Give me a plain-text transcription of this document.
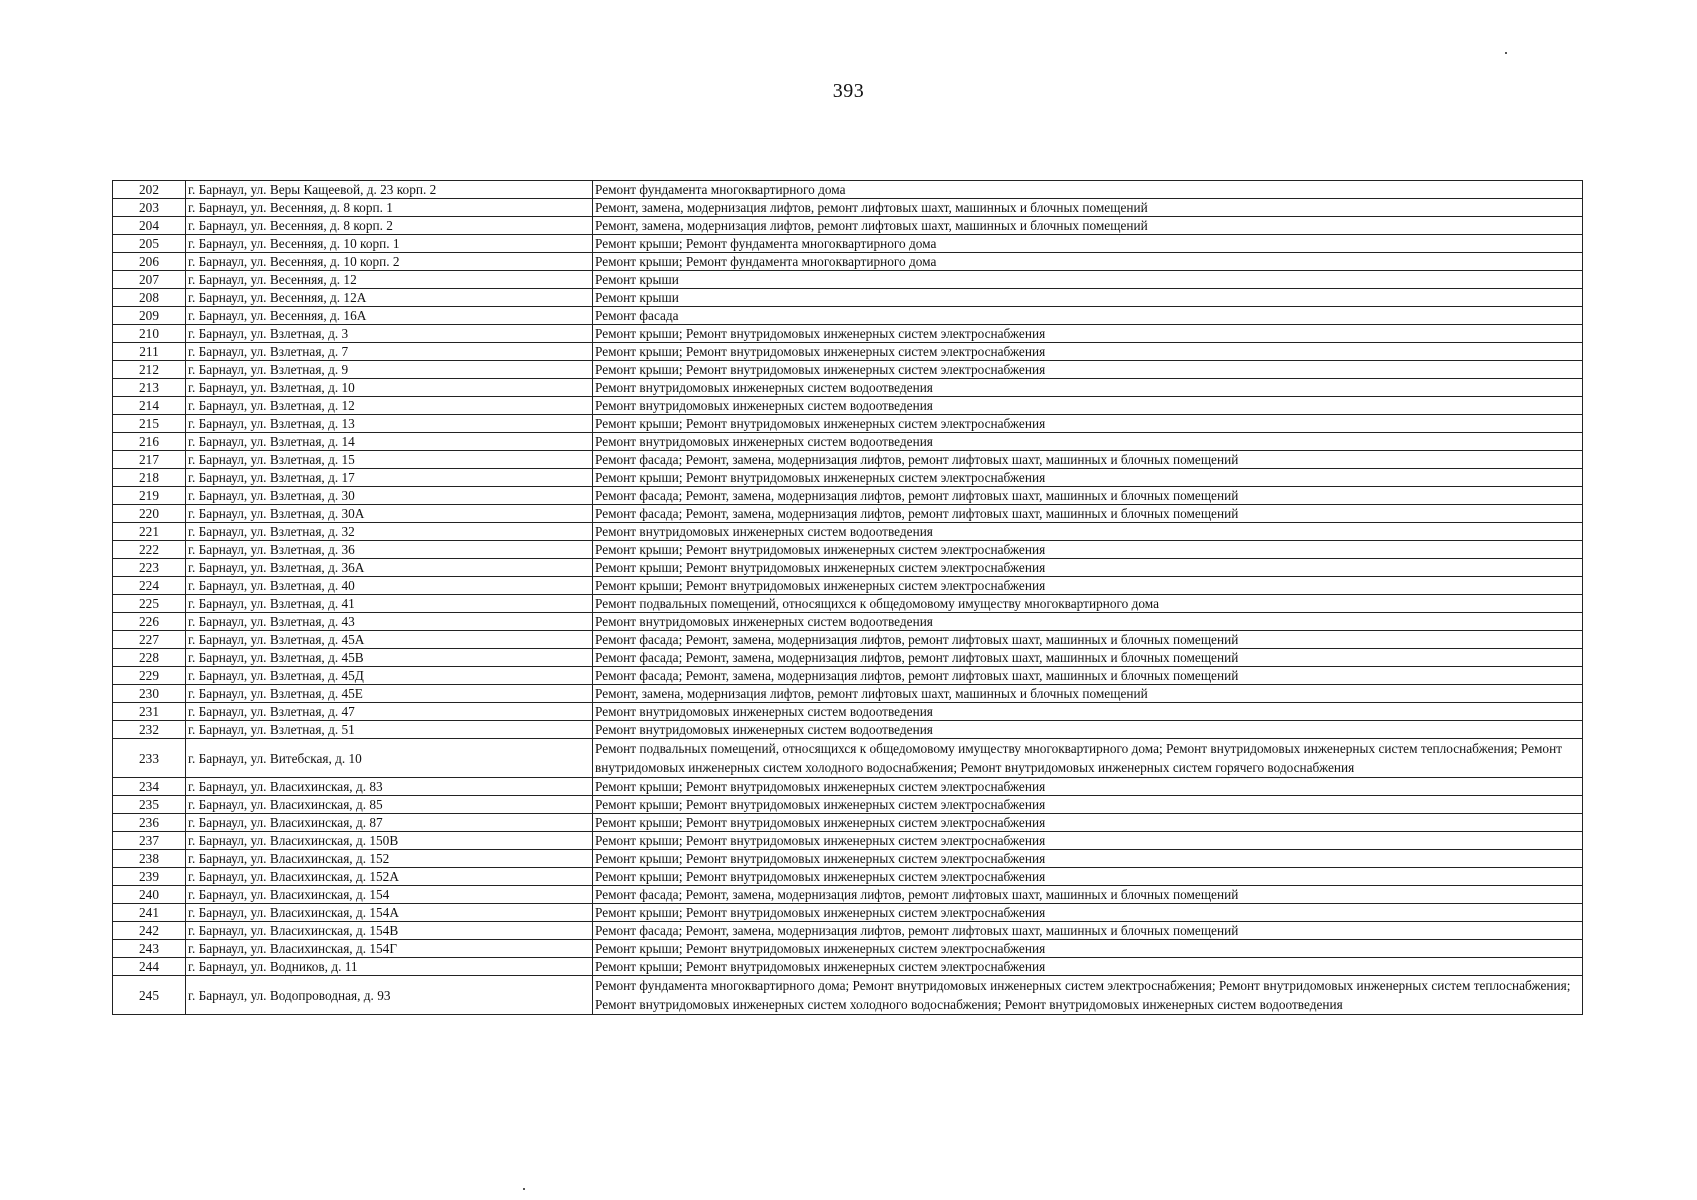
393
202	г. Барнаул, ул. Веры Кащеевой, д. 23 корп. 2	Ремонт фундамента многоквартирного дома
203	г. Барнаул, ул. Весенняя, д. 8 корп. 1	Ремонт, замена, модернизация лифтов, ремонт лифтовых шахт, машинных и блочных помещений
204	г. Барнаул, ул. Весенняя, д. 8 корп. 2	Ремонт, замена, модернизация лифтов, ремонт лифтовых шахт, машинных и блочных помещений
205	г. Барнаул, ул. Весенняя, д. 10 корп. 1	Ремонт крыши; Ремонт фундамента многоквартирного дома
206	г. Барнаул, ул. Весенняя, д. 10 корп. 2	Ремонт крыши; Ремонт фундамента многоквартирного дома
207	г. Барнаул, ул. Весенняя, д. 12	Ремонт крыши
208	г. Барнаул, ул. Весенняя, д. 12А	Ремонт крыши
209	г. Барнаул, ул. Весенняя, д. 16А	Ремонт фасада
210	г. Барнаул, ул. Взлетная, д. 3	Ремонт крыши; Ремонт внутридомовых инженерных систем электроснабжения
211	г. Барнаул, ул. Взлетная, д. 7	Ремонт крыши; Ремонт внутридомовых инженерных систем электроснабжения
212	г. Барнаул, ул. Взлетная, д. 9	Ремонт крыши; Ремонт внутридомовых инженерных систем электроснабжения
213	г. Барнаул, ул. Взлетная, д. 10	Ремонт внутридомовых инженерных систем водоотведения
214	г. Барнаул, ул. Взлетная, д. 12	Ремонт внутридомовых инженерных систем водоотведения
215	г. Барнаул, ул. Взлетная, д. 13	Ремонт крыши; Ремонт внутридомовых инженерных систем электроснабжения
216	г. Барнаул, ул. Взлетная, д. 14	Ремонт внутридомовых инженерных систем водоотведения
217	г. Барнаул, ул. Взлетная, д. 15	Ремонт фасада; Ремонт, замена, модернизация лифтов, ремонт лифтовых шахт, машинных и блочных помещений
218	г. Барнаул, ул. Взлетная, д. 17	Ремонт крыши; Ремонт внутридомовых инженерных систем электроснабжения
219	г. Барнаул, ул. Взлетная, д. 30	Ремонт фасада; Ремонт, замена, модернизация лифтов, ремонт лифтовых шахт, машинных и блочных помещений
220	г. Барнаул, ул. Взлетная, д. 30А	Ремонт фасада; Ремонт, замена, модернизация лифтов, ремонт лифтовых шахт, машинных и блочных помещений
221	г. Барнаул, ул. Взлетная, д. 32	Ремонт внутридомовых инженерных систем водоотведения
222	г. Барнаул, ул. Взлетная, д. 36	Ремонт крыши; Ремонт внутридомовых инженерных систем электроснабжения
223	г. Барнаул, ул. Взлетная, д. 36А	Ремонт крыши; Ремонт внутридомовых инженерных систем электроснабжения
224	г. Барнаул, ул. Взлетная, д. 40	Ремонт крыши; Ремонт внутридомовых инженерных систем электроснабжения
225	г. Барнаул, ул. Взлетная, д. 41	Ремонт подвальных помещений, относящихся к общедомовому имуществу многоквартирного дома
226	г. Барнаул, ул. Взлетная, д. 43	Ремонт внутридомовых инженерных систем водоотведения
227	г. Барнаул, ул. Взлетная, д. 45А	Ремонт фасада; Ремонт, замена, модернизация лифтов, ремонт лифтовых шахт, машинных и блочных помещений
228	г. Барнаул, ул. Взлетная, д. 45В	Ремонт фасада; Ремонт, замена, модернизация лифтов, ремонт лифтовых шахт, машинных и блочных помещений
229	г. Барнаул, ул. Взлетная, д. 45Д	Ремонт фасада; Ремонт, замена, модернизация лифтов, ремонт лифтовых шахт, машинных и блочных помещений
230	г. Барнаул, ул. Взлетная, д. 45Е	Ремонт, замена, модернизация лифтов, ремонт лифтовых шахт, машинных и блочных помещений
231	г. Барнаул, ул. Взлетная, д. 47	Ремонт внутридомовых инженерных систем водоотведения
232	г. Барнаул, ул. Взлетная, д. 51	Ремонт внутридомовых инженерных систем водоотведения
233	г. Барнаул, ул. Витебская, д. 10	Ремонт подвальных помещений, относящихся к общедомовому имуществу многоквартирного дома; Ремонт внутридомовых инженерных систем теплоснабжения; Ремонт внутридомовых инженерных систем холодного водоснабжения; Ремонт внутридомовых инженерных систем горячего водоснабжения
234	г. Барнаул, ул. Власихинская, д. 83	Ремонт крыши; Ремонт внутридомовых инженерных систем электроснабжения
235	г. Барнаул, ул. Власихинская, д. 85	Ремонт крыши; Ремонт внутридомовых инженерных систем электроснабжения
236	г. Барнаул, ул. Власихинская, д. 87	Ремонт крыши; Ремонт внутридомовых инженерных систем электроснабжения
237	г. Барнаул, ул. Власихинская, д. 150В	Ремонт крыши; Ремонт внутридомовых инженерных систем электроснабжения
238	г. Барнаул, ул. Власихинская, д. 152	Ремонт крыши; Ремонт внутридомовых инженерных систем электроснабжения
239	г. Барнаул, ул. Власихинская, д. 152А	Ремонт крыши; Ремонт внутридомовых инженерных систем электроснабжения
240	г. Барнаул, ул. Власихинская, д. 154	Ремонт фасада; Ремонт, замена, модернизация лифтов, ремонт лифтовых шахт, машинных и блочных помещений
241	г. Барнаул, ул. Власихинская, д. 154А	Ремонт крыши; Ремонт внутридомовых инженерных систем электроснабжения
242	г. Барнаул, ул. Власихинская, д. 154В	Ремонт фасада; Ремонт, замена, модернизация лифтов, ремонт лифтовых шахт, машинных и блочных помещений
243	г. Барнаул, ул. Власихинская, д. 154Г	Ремонт крыши; Ремонт внутридомовых инженерных систем электроснабжения
244	г. Барнаул, ул. Водников, д. 11	Ремонт крыши; Ремонт внутридомовых инженерных систем электроснабжения
245	г. Барнаул, ул. Водопроводная, д. 93	Ремонт фундамента многоквартирного дома; Ремонт внутридомовых инженерных систем электроснабжения; Ремонт внутридомовых инженерных систем теплоснабжения; Ремонт внутридомовых инженерных систем холодного водоснабжения; Ремонт внутридомовых инженерных систем водоотведения
